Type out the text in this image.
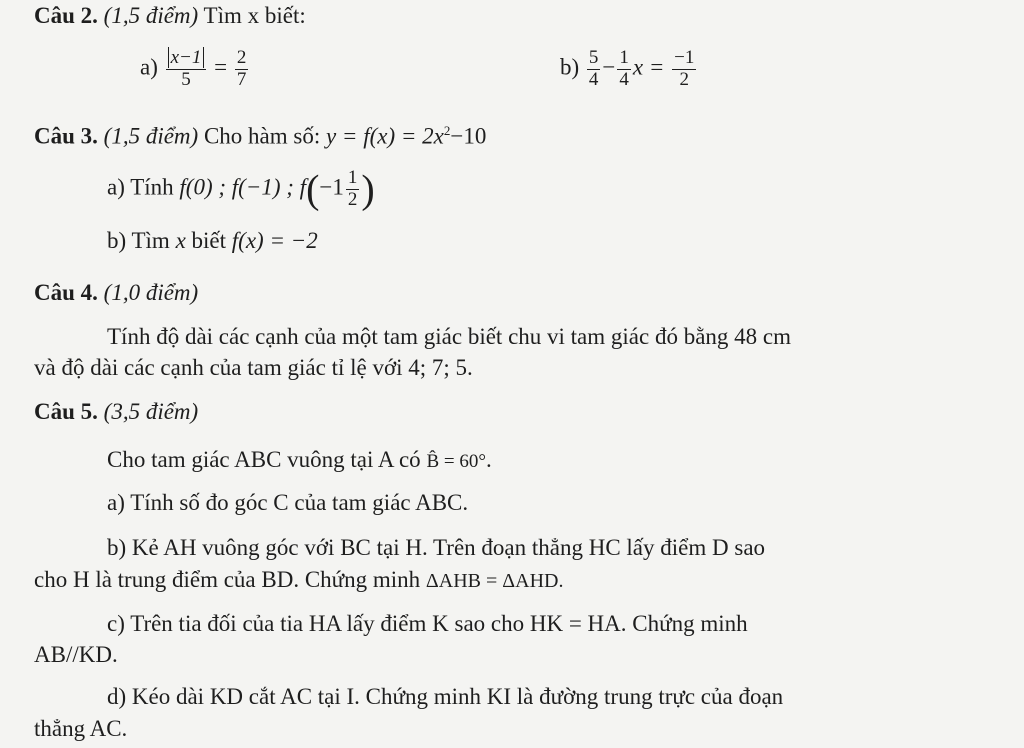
Câu 2. (1,5 điểm) Tìm x biết:
$a) \frac{x-1}{5} = \frac{2}{7}$	$b) \frac{5}{4} - \frac{1}{4}$ $x = \frac{-1}{2}$
Câu 3. (1,5 điểm) Cho hàm số: $y = f(x) = 2x^2-10$
a) Tính f(0) ; f(−1) ; $f(-1 \frac{1}{2}$ )
b) Tìm x biết f(x) = −2
Câu 4. (1,0 điểm)
Tính độ dài các cạnh của một tam giác biết chu vi tam giác đó bằng 48 cm
và độ dài các cạnh của tam giác tỉ lệ với 4; 7; 5.
Câu 5. (3,5 điểm)
Cho tam giác ABC vuông tại A có B̂ = 60°.
a) Tính số đo góc C của tam giác ABC.
b) Kẻ AH vuông góc với BC tại H. Trên đoạn thẳng HC lấy điểm D sao
cho H là trung điểm của BD. Chứng minh ΔAHB = ΔAHD.
c) Trên tia đối của tia HA lấy điểm K sao cho HK = HA. Chứng minh
AB//KD.
d) Kéo dài KD cắt AC tại I. Chứng minh KI là đường trung trực của đoạn
thẳng AC.
